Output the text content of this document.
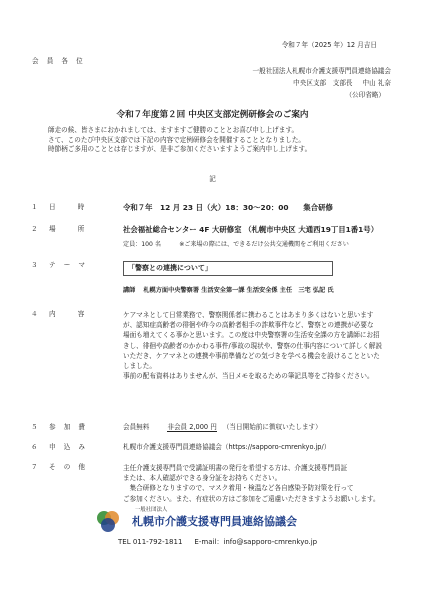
令和７年（2025 年）12 月吉日
会 員 各 位
一般社団法人札幌市介護支援専門員連絡協議会
中央区支部　支部長 中山 礼奈
（公印省略）
令和７年度第２回 中央区支部定例研修会のご案内
師走の候、皆さまにおかれましては、ますますご健勝のこととお喜び申し上げます。
さて、このたび中央区支部では下記の内容で定例研修会を開催することとなりました。
時節柄ご多用のこととは存じますが、是非ご参加くださいますようご案内申し上げます。
記
１	日　　時	令和７年　12 月 23 日（火）18：30～20：00　　集合研修
２	場　　所	社会福祉総合センター 4F 大研修室 （札幌市中央区 大通西19丁目1番1号）
定員：100 名　　　※ご来場の際には、できるだけ公共交通機関をご利用ください
３	テ ー マ	「警察との連携について」
講師 札幌方面中央警察署 生活安全第一課 生活安全係 主任　三宅 弘記 氏
４	内　　容	ケアマネとして日常業務で、警察関係者に携わることはあまり多くはないと思います

が、認知症高齢者の徘徊や昨今の高齢者相手の詐欺事件など、警察との連携が必要な

場面も増えてくる事かと思います。この度は中央警察署の生活安全課の方を講師にお招

きし、徘徊や高齢者のかかわる事件/事故の現状や、警察の仕事内容について詳しく解説

いただき、ケアマネとの連携や事前準備などの気づきを学べる機会を設けることといた

しました。

事前の配布資料はありませんが、当日メモを取るための筆記具等をご持参ください。

５	参 加 費	会員無料	非会員 2,000 円 （当日開始前に徴収いたします）
６	申 込 み	札幌市介護支援専門員連絡協議会（https://sapporo-cmrenkyo.jp/）
７	そ の 他	主任介護支援専門員で受講証明書の発行を希望する方は、介護支援専門員証

または、本人確認ができる身分証をお持ちください。

　集合研修となりますので、マスク着用・検温など各自感染予防対策を行って

ご参加ください。また、有症状の方はご参加をご遠慮いただきますようお願いします。

一般社団法人
札幌市介護支援専門員連絡協議会
TEL 011-792-1811 E-mail：info@sapporo-cmrenkyo.jp
